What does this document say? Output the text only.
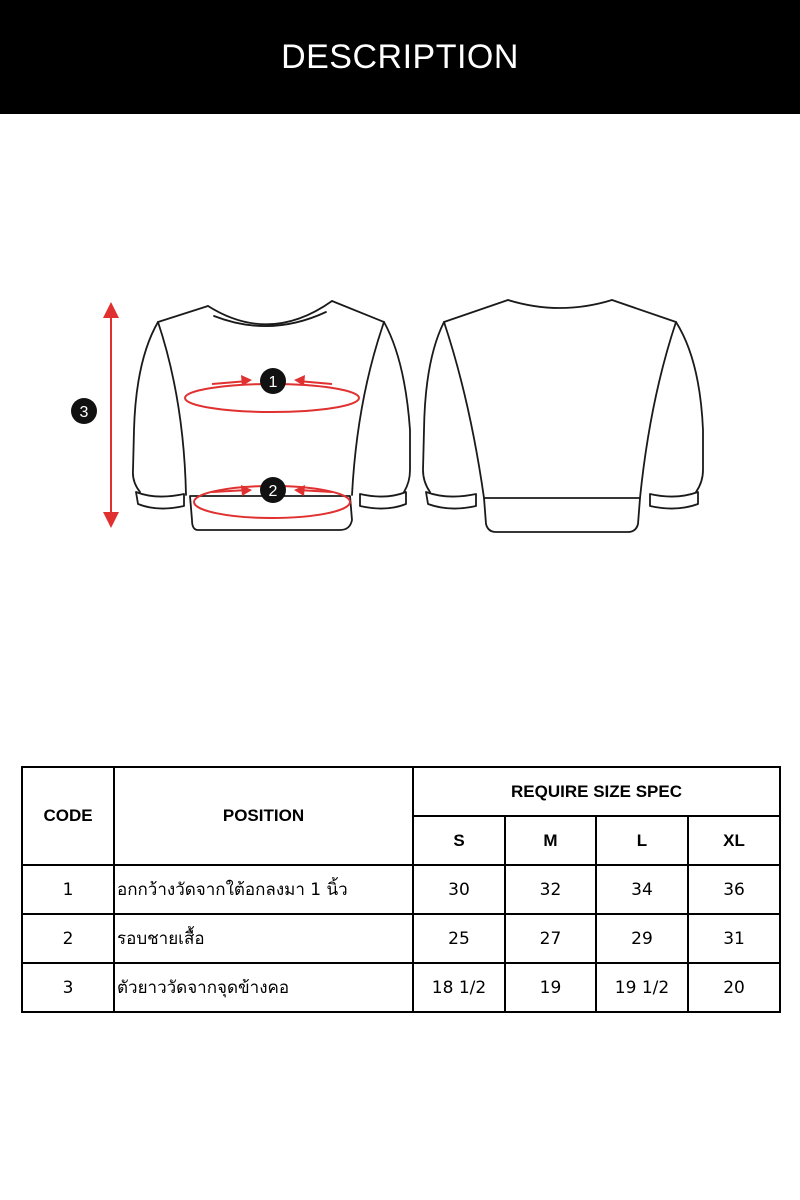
DESCRIPTION
1
2
3
CODE	POSITION	REQUIRE SIZE SPEC			
		S	M	L	XL
1	อกกว้างวัดจากใต้อกลงมา 1 นิ้ว	30	32	34	36
2	รอบชายเสื้อ	25	27	29	31
3	ตัวยาววัดจากจุดข้างคอ	18 1/2	19	19 1/2	20
